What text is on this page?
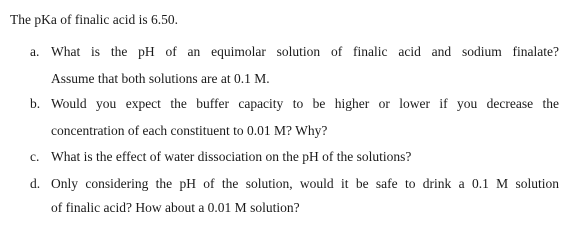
The pKa of finalic acid is 6.50.
a. What is the pH of an equimolar solution of finalic acid and sodium finalate?
Assume that both solutions are at 0.1 M.
b. Would you expect the buffer capacity to be higher or lower if you decrease the
concentration of each constituent to 0.01 M? Why?
c. What is the effect of water dissociation on the pH of the solutions?
d. Only considering the pH of the solution, would it be safe to drink a 0.1 M solution
of finalic acid? How about a 0.01 M solution?
